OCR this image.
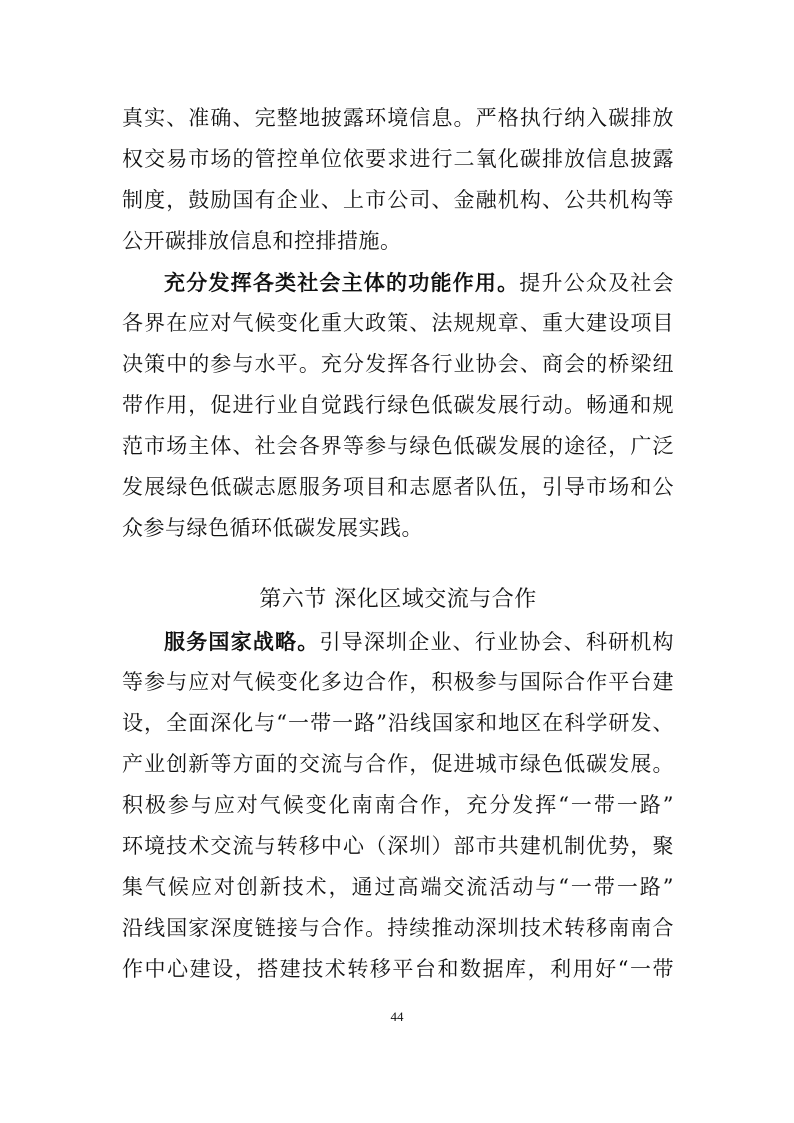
真实、准确、完整地披露环境信息。严格执行纳入碳排放
权交易市场的管控单位依要求进行二氧化碳排放信息披露
制度，鼓励国有企业、上市公司、金融机构、公共机构等
公开碳排放信息和控排措施。
充分发挥各类社会主体的功能作用。提升公众及社会
各界在应对气候变化重大政策、法规规章、重大建设项目
决策中的参与水平。充分发挥各行业协会、商会的桥梁纽
带作用，促进行业自觉践行绿色低碳发展行动。畅通和规
范市场主体、社会各界等参与绿色低碳发展的途径，广泛
发展绿色低碳志愿服务项目和志愿者队伍，引导市场和公
众参与绿色循环低碳发展实践。
第六节 深化区域交流与合作
服务国家战略。引导深圳企业、行业协会、科研机构
等参与应对气候变化多边合作，积极参与国际合作平台建
设，全面深化与“一带一路”沿线国家和地区在科学研发、
产业创新等方面的交流与合作，促进城市绿色低碳发展。
积极参与应对气候变化南南合作，充分发挥“一带一路”
环境技术交流与转移中心（深圳）部市共建机制优势，聚
集气候应对创新技术，通过高端交流活动与“一带一路”
沿线国家深度链接与合作。持续推动深圳技术转移南南合
作中心建设，搭建技术转移平台和数据库，利用好“一带
44
